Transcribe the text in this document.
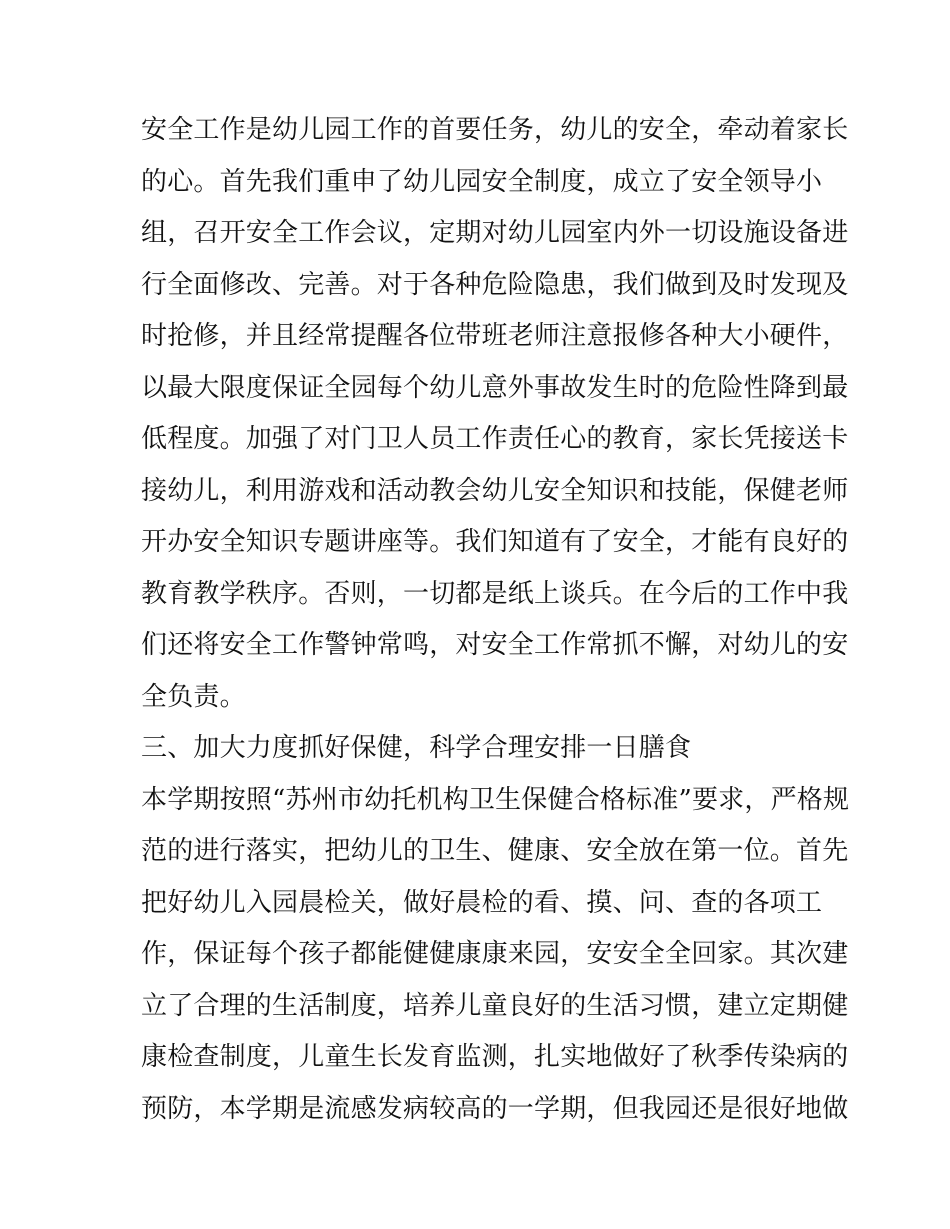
安全工作是幼儿园工作的首要任务，幼儿的安全，牵动着家长
的心。首先我们重申了幼儿园安全制度，成立了安全领导小
组，召开安全工作会议，定期对幼儿园室内外一切设施设备进
行全面修改、完善。对于各种危险隐患，我们做到及时发现及
时抢修，并且经常提醒各位带班老师注意报修各种大小硬件，
以最大限度保证全园每个幼儿意外事故发生时的危险性降到最
低程度。加强了对门卫人员工作责任心的教育，家长凭接送卡
接幼儿，利用游戏和活动教会幼儿安全知识和技能，保健老师
开办安全知识专题讲座等。我们知道有了安全，才能有良好的
教育教学秩序。否则，一切都是纸上谈兵。在今后的工作中我
们还将安全工作警钟常鸣，对安全工作常抓不懈，对幼儿的安
全负责。
三、加大力度抓好保健，科学合理安排一日膳食
本学期按照“苏州市幼托机构卫生保健合格标准”要求，严格规
范的进行落实，把幼儿的卫生、健康、安全放在第一位。首先
把好幼儿入园晨检关，做好晨检的看、摸、问、查的各项工
作，保证每个孩子都能健健康康来园，安安全全回家。其次建
立了合理的生活制度，培养儿童良好的生活习惯，建立定期健
康检查制度，儿童生长发育监测，扎实地做好了秋季传染病的
预防，本学期是流感发病较高的一学期，但我园还是很好地做
